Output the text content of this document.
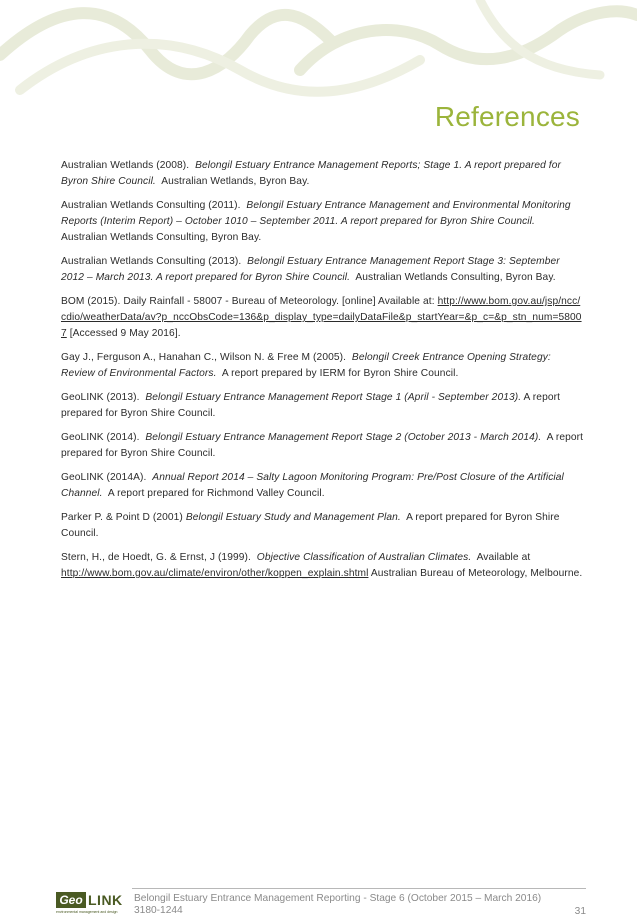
References

Australian Wetlands (2008). Belongil Estuary Entrance Management Reports; Stage 1. A report prepared for Byron Shire Council. Australian Wetlands, Byron Bay.

Australian Wetlands Consulting (2011). Belongil Estuary Entrance Management and Environmental Monitoring Reports (Interim Report) – October 1010 – September 2011. A report prepared for Byron Shire Council.  Australian Wetlands Consulting, Byron Bay.

Australian Wetlands Consulting (2013). Belongil Estuary Entrance Management Report Stage 3: September 2012 – March 2013. A report prepared for Byron Shire Council. Australian Wetlands Consulting, Byron Bay.

BOM (2015). Daily Rainfall - 58007 - Bureau of Meteorology. [online] Available at: http://www.bom.gov.au/jsp/ncc/cdio/weatherData/av?p_nccObsCode=136&p_display_type=dailyDataFile&p_startYear=&p_c=&p_stn_num=58007 [Accessed 9 May 2016].

Gay J., Ferguson A., Hanahan C., Wilson N. & Free M (2005). Belongil Creek Entrance Opening Strategy: Review of Environmental Factors. A report prepared by IERM for Byron Shire Council.

GeoLINK (2013). Belongil Estuary Entrance Management Report Stage 1 (April - September 2013). A report prepared for Byron Shire Council.

GeoLINK (2014). Belongil Estuary Entrance Management Report Stage 2 (October 2013 - March 2014). A report prepared for Byron Shire Council.

GeoLINK (2014A). Annual Report 2014 – Salty Lagoon Monitoring Program: Pre/Post Closure of the Artificial Channel. A report prepared for Richmond Valley Council.

Parker P. & Point D (2001) Belongil Estuary Study and Management Plan. A report prepared for Byron Shire Council.

Stern, H., de Hoedt, G. & Ernst, J (1999). Objective Classification of Australian Climates. Available at http://www.bom.gov.au/climate/environ/other/koppen_explain.shtml Australian Bureau of Meteorology, Melbourne.

Geo LINK
environmental management and design
Belongil Estuary Entrance Management Reporting - Stage 6 (October 2015 – March 2016)
3180-1244	31
